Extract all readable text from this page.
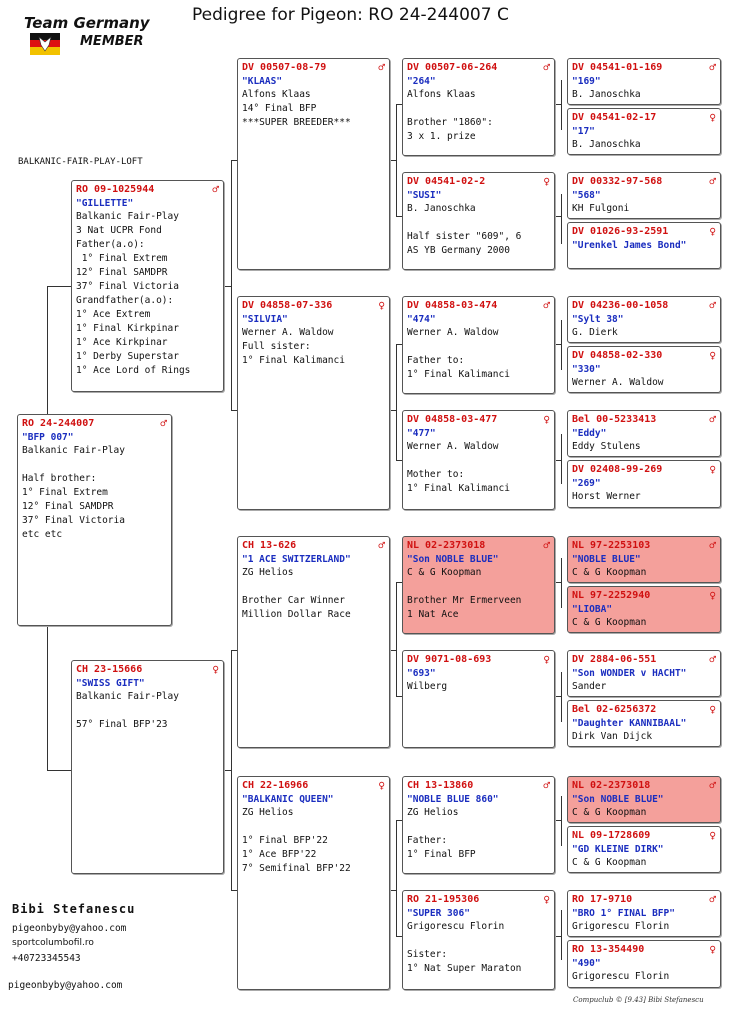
Team Germany
MEMBER
Pedigree for Pigeon: RO 24-244007 C
BALKANIC-FAIR-PLAY-LOFT
RO 24-244007	♂
"BFP 007"
Balkanic Fair-Play

Half brother:
1° Final Extrem
12° Final SAMDPR
37° Final Victoria
etc etc
RO 09-1025944	♂
"GILLETTE"
Balkanic Fair-Play
3 Nat UCPR Fond
Father(a.o):
1° Final Extrem
12° Final SAMDPR
37° Final Victoria
Grandfather(a.o):
1° Ace Extrem
1° Final Kirkpinar
1° Ace Kirkpinar
1° Derby Superstar
1° Ace Lord of Rings
CH 23-15666	♀
"SWISS GIFT"
Balkanic Fair-Play

57° Final BFP'23
DV 00507-08-79	♂
"KLAAS"
Alfons Klaas
14° Final BFP
***SUPER BREEDER***
DV 04858-07-336	♀
"SILVIA"
Werner A. Waldow
Full sister:
1° Final Kalimanci
CH 13-626	♂
"1 ACE SWITZERLAND"
ZG Helios

Brother Car Winner
Million Dollar Race
CH 22-16966	♀
"BALKANIC QUEEN"
ZG Helios

1° Final BFP'22
1° Ace BFP'22
7° Semifinal BFP'22
DV 00507-06-264	♂
"264"
Alfons Klaas

Brother "1860":
3 x 1. prize
DV 04541-02-2	♀
"SUSI"
B. Janoschka

Half sister "609", 6
AS YB Germany 2000
DV 04858-03-474	♂
"474"
Werner A. Waldow

Father to:
1° Final Kalimanci
DV 04858-03-477	♀
"477"
Werner A. Waldow

Mother to:
1° Final Kalimanci
NL 02-2373018	♂
"Son NOBLE BLUE"
C & G Koopman

Brother Mr Ermerveen
1 Nat Ace
DV 9071-08-693	♀
"693"
Wilberg
CH 13-13860	♂
"NOBLE BLUE 860"
ZG Helios

Father:
1° Final BFP
RO 21-195306	♀
"SUPER 306"
Grigorescu Florin

Sister:
1° Nat Super Maraton
DV 04541-01-169	♂
"169"
B. Janoschka
DV 04541-02-17	♀
"17"
B. Janoschka
DV 00332-97-568	♂
"568"
KH Fulgoni
DV 01026-93-2591	♀
"Urenkel James Bond"
DV 04236-00-1058	♂
"Sylt 38"
G. Dierk
DV 04858-02-330	♀
"330"
Werner A. Waldow
Bel 00-5233413	♂
"Eddy"
Eddy Stulens
DV 02408-99-269	♀
"269"
Horst Werner
NL 97-2253103	♂
"NOBLE BLUE"
C & G Koopman
NL 97-2252940	♀
"LIOBA"
C & G Koopman
DV 2884-06-551	♂
"Son WONDER v HACHT"
Sander
Bel 02-6256372	♀
"Daughter KANNIBAAL"
Dirk Van Dijck
NL 02-2373018	♂
"Son NOBLE BLUE"
C & G Koopman
NL 09-1728609	♀
"GD KLEINE DIRK"
C & G Koopman
RO 17-9710	♂
"BRO 1° FINAL BFP"
Grigorescu Florin
RO 13-354490	♀
"490"
Grigorescu Florin
Bibi Stefanescu
pigeonbyby@yahoo.com
sportcolumbofil.ro
+40723345543
pigeonbyby@yahoo.com
Compuclub © [9.43] Bibi Stefanescu
